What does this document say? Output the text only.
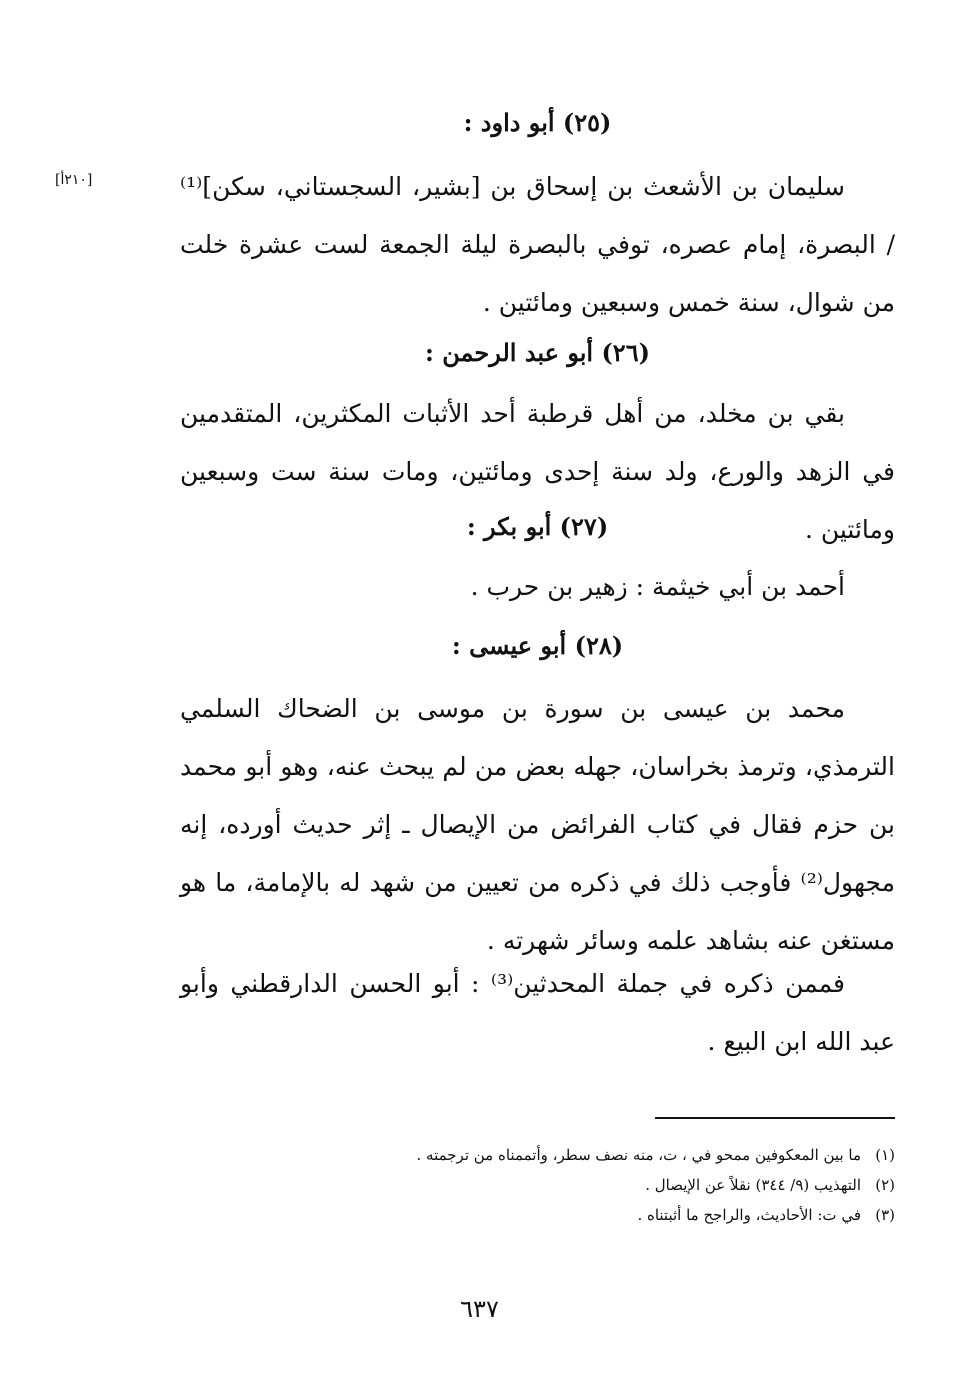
[٢١٠أ]
(٢٥) أبو داود :
سليمان بن الأشعث بن إسحاق بن [بشير، السجستاني، سكن]⁽¹⁾ / البصرة، إمام عصره، توفي بالبصرة ليلة الجمعة لست عشرة خلت من شوال، سنة خمس وسبعين ومائتين .
(٢٦) أبو عبد الرحمن :
بقي بن مخلد، من أهل قرطبة أحد الأثبات المكثرين، المتقدمين في الزهد والورع، ولد سنة إحدى ومائتين، ومات سنة ست وسبعين ومائتين .
(٢٧) أبو بكر :
أحمد بن أبي خيثمة : زهير بن حرب .
(٢٨) أبو عيسى :
محمد بن عيسى بن سورة بن موسى بن الضحاك السلمي الترمذي، وترمذ بخراسان، جهله بعض من لم يبحث عنه، وهو أبو محمد بن حزم فقال في كتاب الفرائض من الإيصال ـ إثر حديث أورده، إنه مجهول⁽²⁾ فأوجب ذلك في ذكره من تعيين من شهد له بالإمامة، ما هو مستغن عنه بشاهد علمه وسائر شهرته .
فممن ذكره في جملة المحدثين⁽³⁾ : أبو الحسن الدارقطني وأبو عبد الله ابن البيع .
(١)
ما بين المعكوفين ممحو في ، ت، منه نصف سطر، وأتممناه من ترجمته .
(٢)
التهذيب (٩/ ٣٤٤) نقلاً عن الإيصال .
(٣)
في ت: الأحاديث، والراجح ما أثبتناه .
٦٣٧
